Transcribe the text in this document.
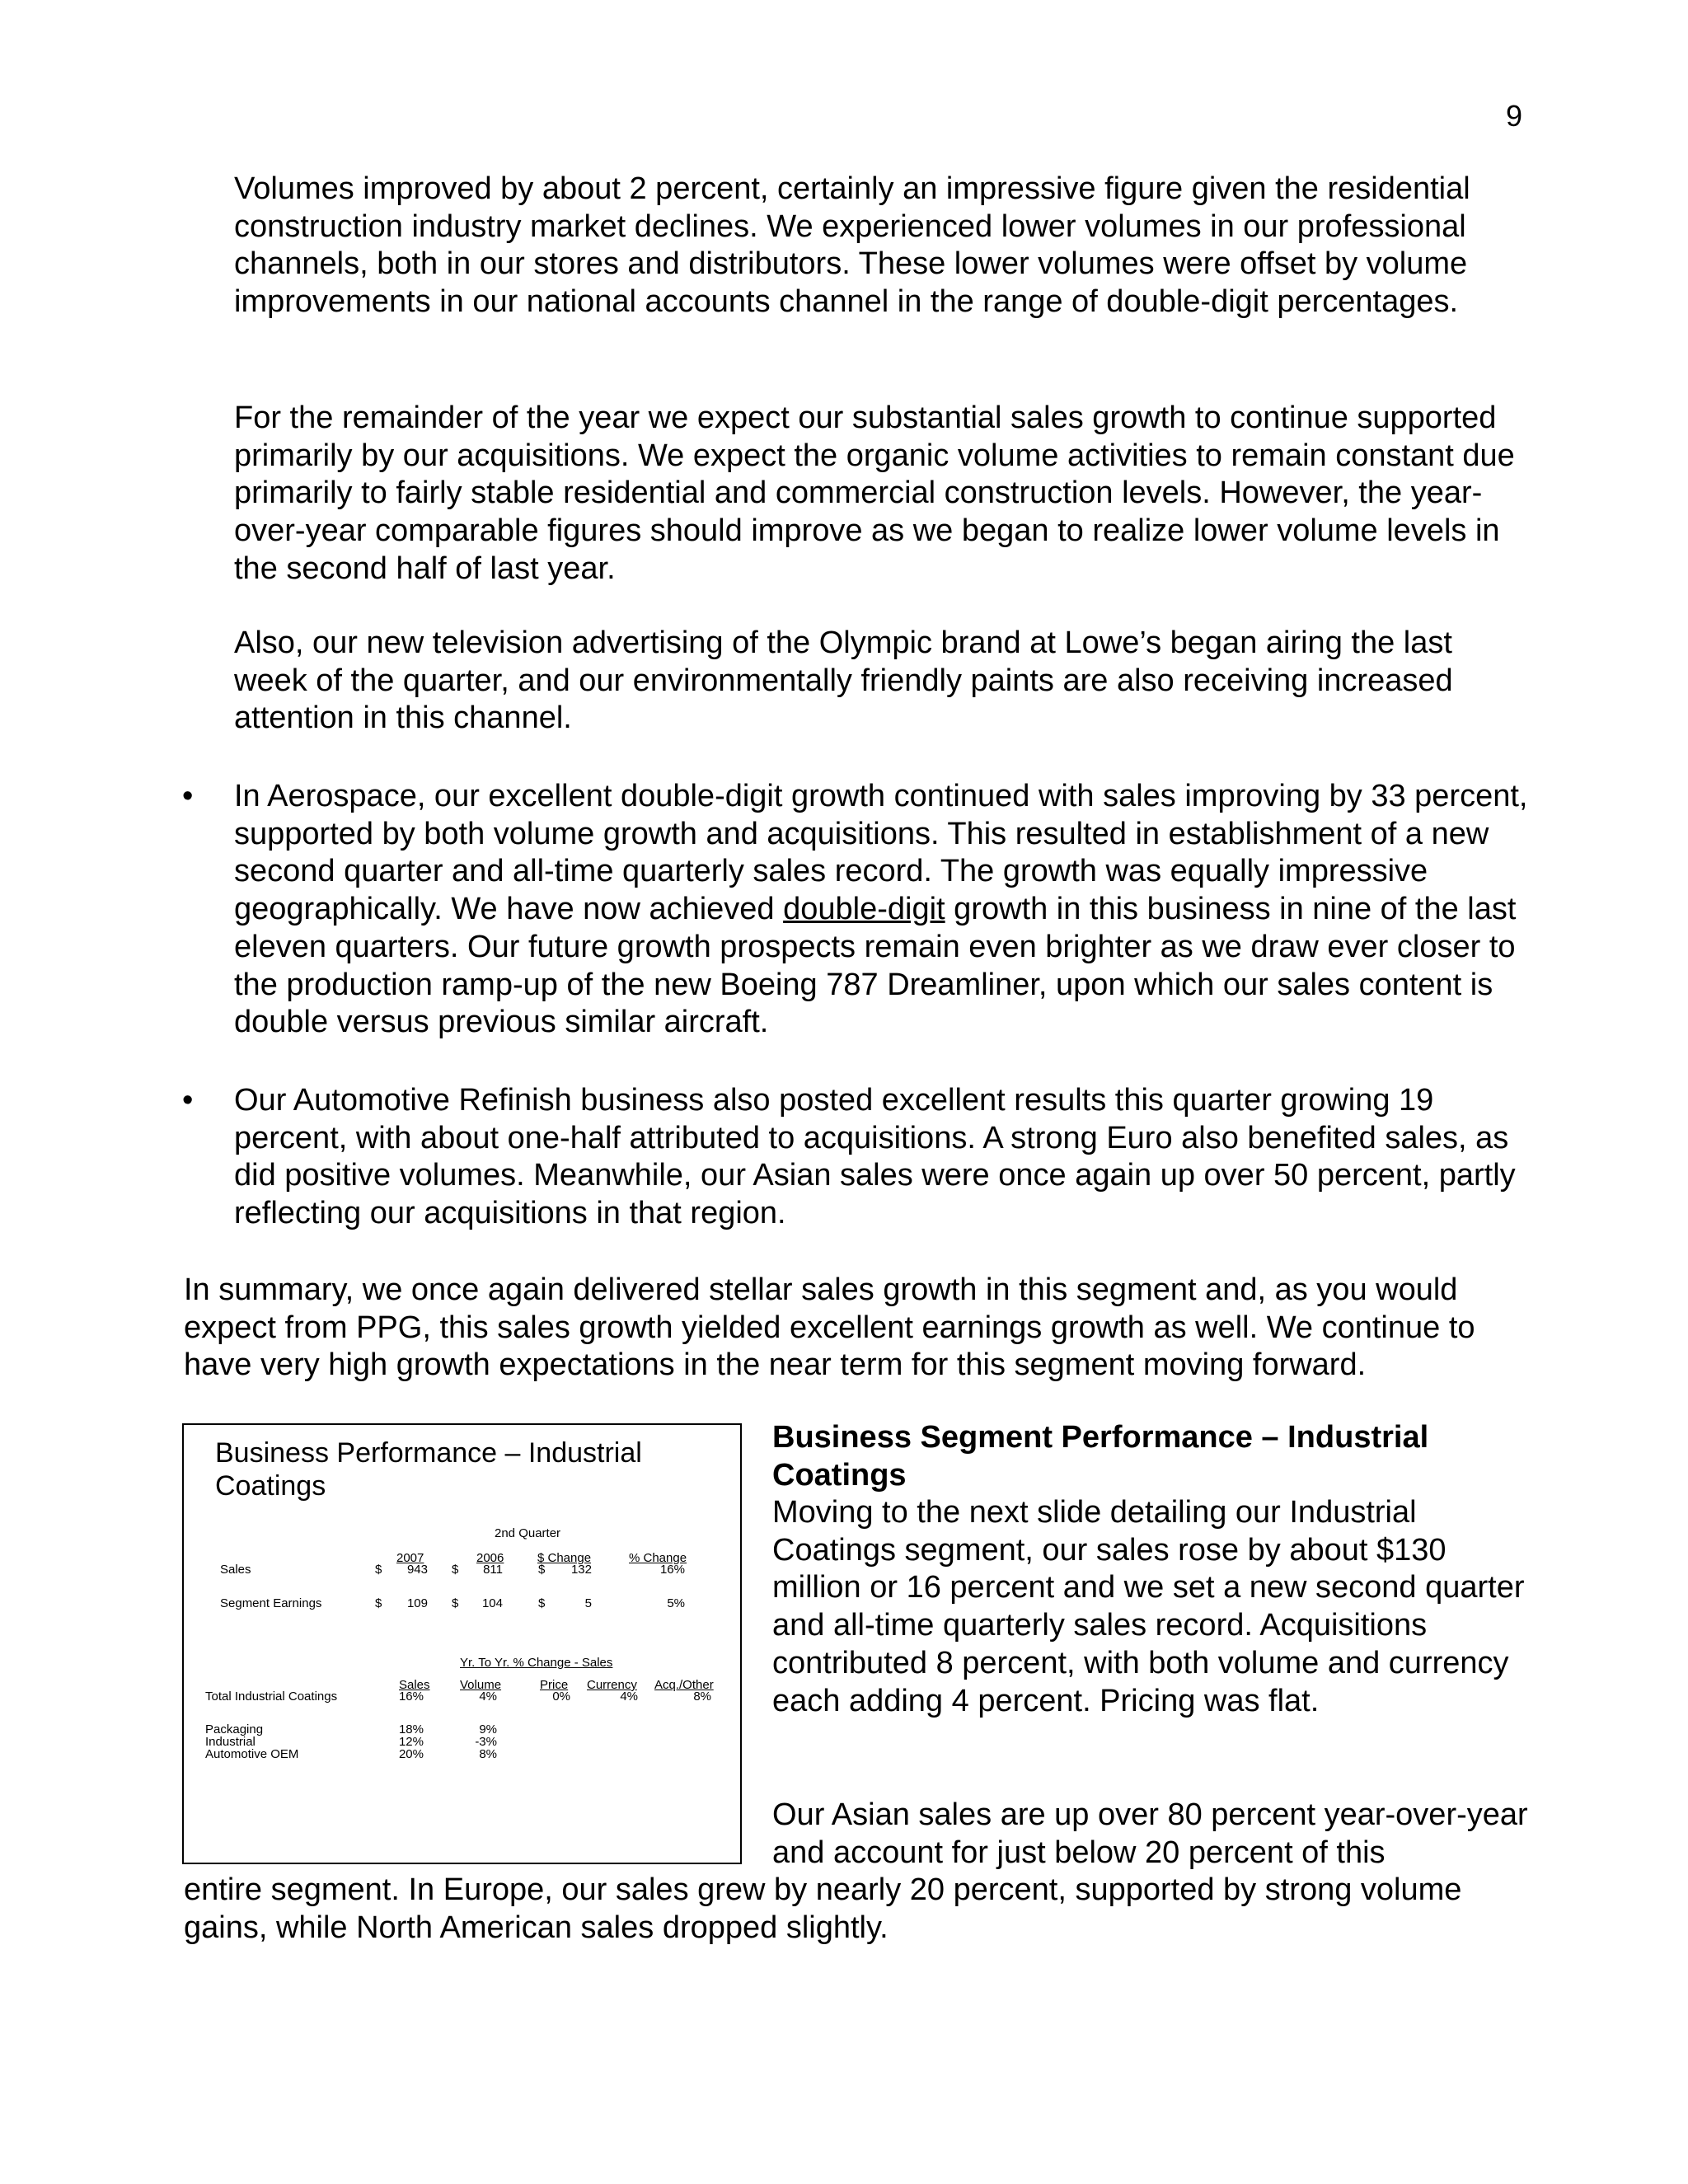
9

Volumes improved by about 2 percent, certainly an impressive figure given the residential construction industry market declines. We experienced lower volumes in our professional channels, both in our stores and distributors. These lower volumes were offset by volume improvements in our national accounts channel in the range of double-digit percentages.

For the remainder of the year we expect our substantial sales growth to continue supported primarily by our acquisitions. We expect the organic volume activities to remain constant due primarily to fairly stable residential and commercial construction levels. However, the year-over-year comparable figures should improve as we began to realize lower volume levels in the second half of last year.

Also, our new television advertising of the Olympic brand at Lowe’s began airing the last week of the quarter, and our environmentally friendly paints are also receiving increased attention in this channel.

• In Aerospace, our excellent double-digit growth continued with sales improving by 33 percent, supported by both volume growth and acquisitions. This resulted in establishment of a new second quarter and all-time quarterly sales record. The growth was equally impressive geographically. We have now achieved double-digit growth in this business in nine of the last eleven quarters. Our future growth prospects remain even brighter as we draw ever closer to the production ramp-up of the new Boeing 787 Dreamliner, upon which our sales content is double versus previous similar aircraft.

• Our Automotive Refinish business also posted excellent results this quarter growing 19 percent, with about one-half attributed to acquisitions. A strong Euro also benefited sales, as did positive volumes. Meanwhile, our Asian sales were once again up over 50 percent, partly reflecting our acquisitions in that region.

In summary, we once again delivered stellar sales growth in this segment and, as you would expect from PPG, this sales growth yielded excellent earnings growth as well. We continue to have very high growth expectations in the near term for this segment moving forward.

Business Performance – Industrial Coatings
2nd Quarter
2007	2006	$ Change	% Change
Sales	$	943 $	811	$	132	16%
Segment Earnings	$	109 $	104	$	5	5%
Yr. To Yr. % Change - Sales
Sales Volume	Price Currency Acq./Other
Total Industrial Coatings	16%	4%	0%	4%	8%
Packaging	18%	9%
Industrial	12%	-3%
Automotive OEM	20%	8%

Business Segment Performance – Industrial Coatings

Moving to the next slide detailing our Industrial Coatings segment, our sales rose by about $130 million or 16 percent and we set a new second quarter and all-time quarterly sales record. Acquisitions contributed 8 percent, with both volume and currency each adding 4 percent. Pricing was flat.

Our Asian sales are up over 80 percent year-over-year and account for just below 20 percent of this

entire segment. In Europe, our sales grew by nearly 20 percent, supported by strong volume gains, while North American sales dropped slightly.
